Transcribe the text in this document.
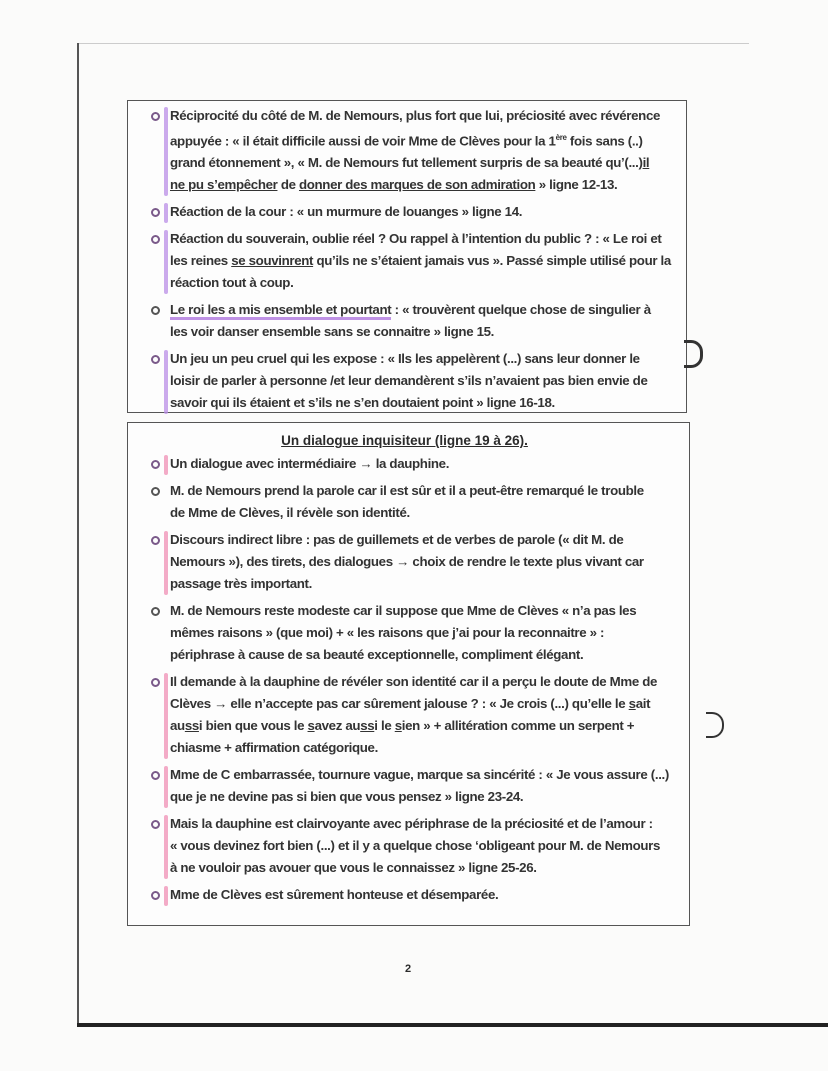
Réciprocité du côté de M. de Nemours, plus fort que lui, préciosité avec révérence
appuyée : « il était difficile aussi de voir Mme de Clèves pour la 1ère fois sans (..)
grand étonnement », « M. de Nemours fut tellement surpris de sa beauté qu’(...)il
ne pu s’empêcher de donner des marques de son admiration » ligne 12-13.
Réaction de la cour : « un murmure de louanges » ligne 14.
Réaction du souverain, oublie réel ? Ou rappel à l’intention du public ? : « Le roi et
les reines se souvinrent qu’ils ne s’étaient jamais vus ». Passé simple utilisé pour la
réaction tout à coup.
Le roi les a mis ensemble et pourtant : « trouvèrent quelque chose de singulier à
les voir danser ensemble sans se connaitre » ligne 15.
Un jeu un peu cruel qui les expose : « Ils les appelèrent (...) sans leur donner le
loisir de parler à personne /et leur demandèrent s’ils n’avaient pas bien envie de
savoir qui ils étaient et s’ils ne s’en doutaient point » ligne 16-18.
Un dialogue inquisiteur (ligne 19 à 26).
Un dialogue avec intermédiaire → la dauphine.
M. de Nemours prend la parole car il est sûr et il a peut-être remarqué le trouble
de Mme de Clèves, il révèle son identité.
Discours indirect libre : pas de guillemets et de verbes de parole (« dit M. de
Nemours »), des tirets, des dialogues → choix de rendre le texte plus vivant car
passage très important.
M. de Nemours reste modeste car il suppose que Mme de Clèves « n’a pas les
mêmes raisons » (que moi) + « les raisons que j’ai pour la reconnaitre » :
périphrase à cause de sa beauté exceptionnelle, compliment élégant.
Il demande à la dauphine de révéler son identité car il a perçu le doute de Mme de
Clèves → elle n’accepte pas car sûrement jalouse ? : « Je crois (...) qu’elle le sait
aussi bien que vous le savez aussi le sien » + allitération comme un serpent +
chiasme + affirmation catégorique.
Mme de C embarrassée, tournure vague, marque sa sincérité : « Je vous assure (...)
que je ne devine pas si bien que vous pensez » ligne 23-24.
Mais la dauphine est clairvoyante avec périphrase de la préciosité et de l’amour :
« vous devinez fort bien (...) et il y a quelque chose ‘obligeant pour M. de Nemours
à ne vouloir pas avouer que vous le connaissez » ligne 25-26.
Mme de Clèves est sûrement honteuse et désemparée.
2
